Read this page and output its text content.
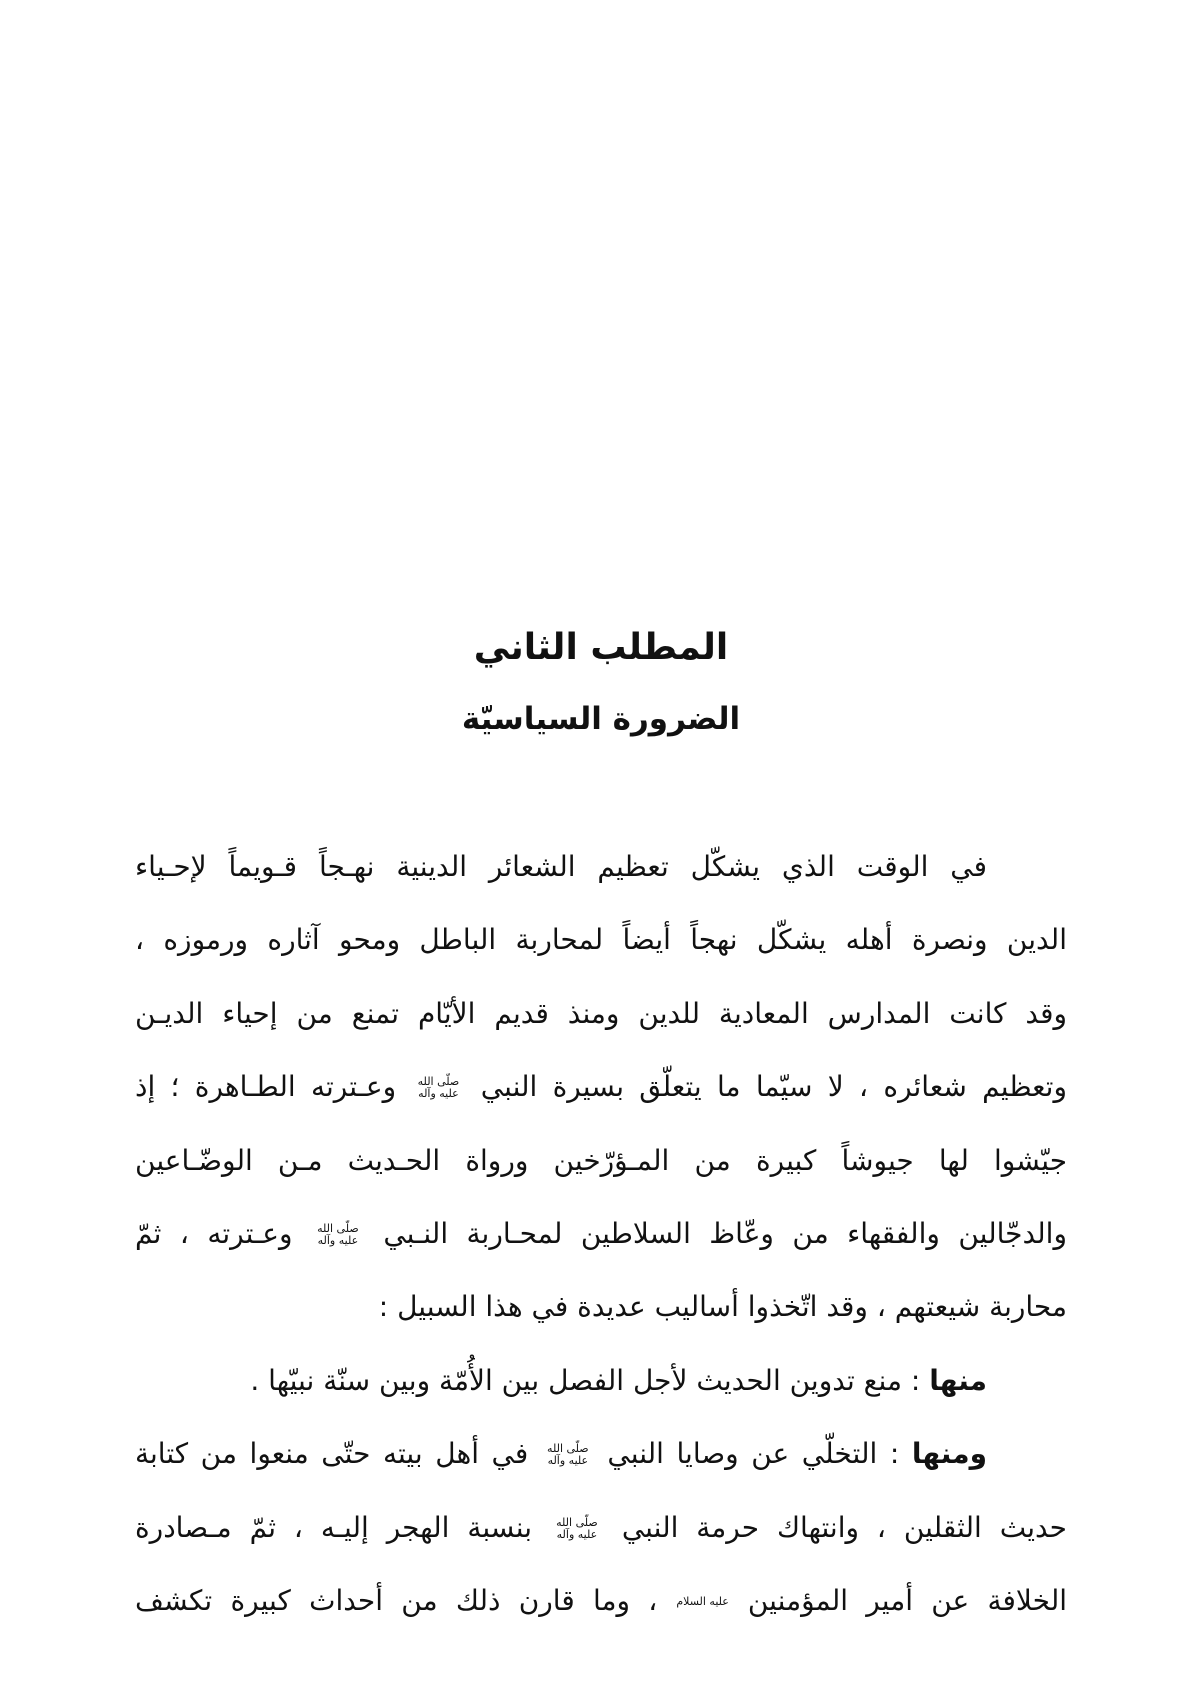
المطلب الثاني
الضرورة السياسيّة
في الوقت الذي يشكّل تعظيم الشعائر الدينية نهـجاً قـويماً لإحـياء
الدين ونصرة أهله يشكّل نهجاً أيضاً لمحاربة الباطل ومحو آثاره ورموزه ،
وقد كانت المدارس المعادية للدين ومنذ قديم الأيّام تمنع من إحياء الديـن
وتعظيم شعائره ، لا سيّما ما يتعلّق بسيرة النبي صلّى الله عليه وآله وعـترته الطـاهرة ؛ إذ
جيّشوا لها جيوشاً كبيرة من المـؤرّخين ورواة الحـديث مـن الوضّـاعين
والدجّالين والفقهاء من وعّاظ السلاطين لمحـاربة النـبي صلّى الله عليه وآله وعـترته ، ثمّ
محاربة شيعتهم ، وقد اتّخذوا أساليب عديدة في هذا السبيل :
منها : منع تدوين الحديث لأجل الفصل بين الأُمّة وبين سنّة نبيّها .
ومنها : التخلّي عن وصايا النبي صلّى الله عليه وآله في أهل بيته حتّى منعوا من كتابة
حديث الثقلين ، وانتهاك حرمة النبي صلّى الله عليه وآله بنسبة الهجر إليـه ، ثمّ مـصادرة
الخلافة عن أمير المؤمنين عليه السلام ، وما قارن ذلك من أحداث كبيرة تكشف
